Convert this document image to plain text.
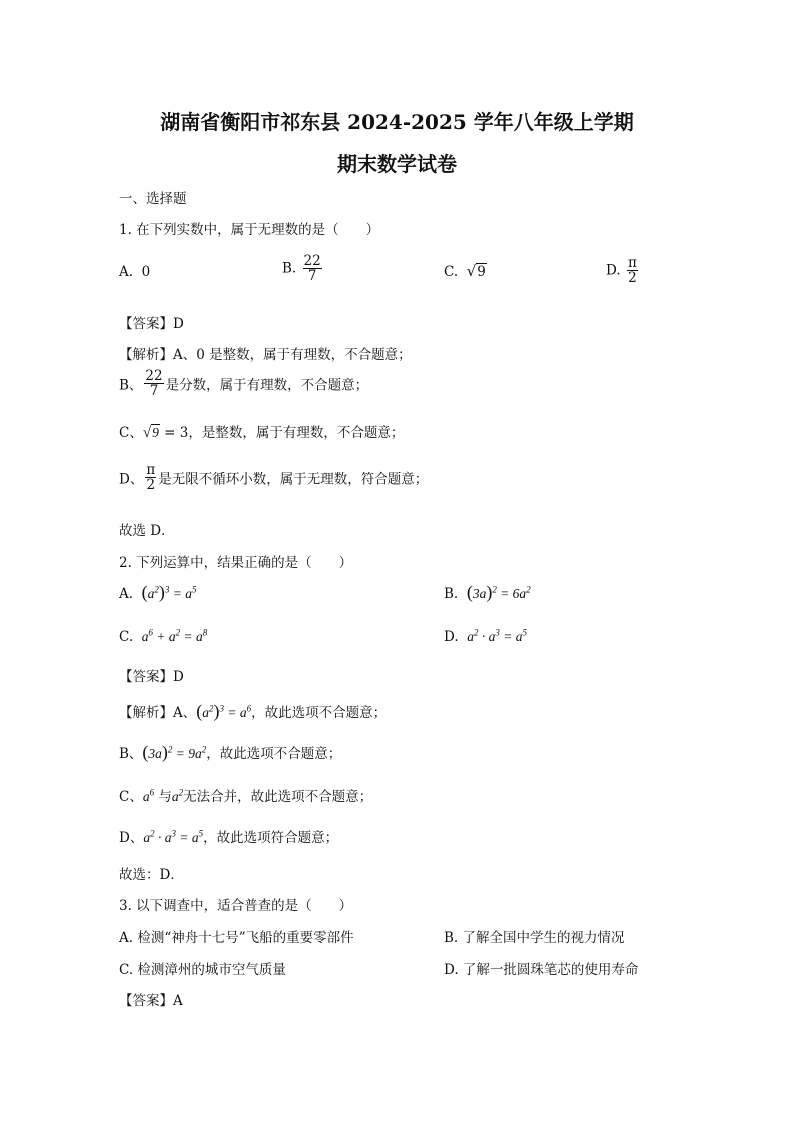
湖南省衡阳市祁东县 2024-2025 学年八年级上学期
期末数学试卷
一、选择题
1. 在下列实数中，属于无理数的是（　　）
A. 0	B. $\frac{22}{7}$	C. √9	D. $\frac{\pi}{2}$
【答案】D
【解析】A、0 是整数，属于有理数，不合题意；
B、 $\frac{22}{7}$ 是分数，属于有理数，不合题意；
C、√9 = 3，是整数，属于有理数，不合题意；
D、 $\frac{\pi}{2}$ 是无限不循环小数，属于无理数，符合题意；
故选 D．
2. 下列运算中，结果正确的是（　　）
A. $(a^2)^3 = a^5$	B. $(3a)^2 = 6a^2$
C. $a^6 + a^2 = a^8$	D. $a^2 \cdot a^3 = a^5$
【答案】D
【解析】A、$(a^2)^3 = a^6$，故此选项不合题意；
B、$(3a)^2 = 9a^2$，故此选项不合题意；
C、$a^6$ 与$a^2$无法合并，故此选项不合题意；
D、$a^2 \cdot a^3 = a^5$，故此选项符合题意；
故选：D．
3. 以下调查中，适合普查的是（　　）
A. 检测“神舟十七号”飞船的重要零部件	B. 了解全国中学生的视力情况
C. 检测漳州的城市空气质量	D. 了解一批圆珠笔芯的使用寿命
【答案】A
